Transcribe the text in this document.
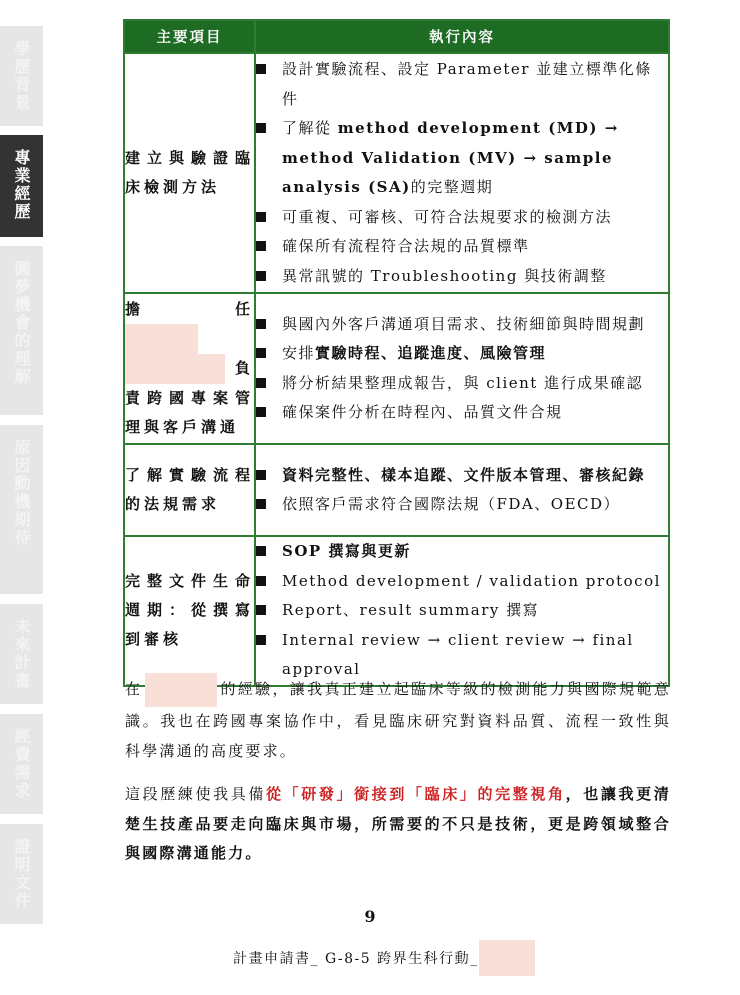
學歷背景
專業經歷
圓夢機會的理解
原因動機期待
未來計畫
經費需求
證明文件
主要項目	執行內容
建立與驗證臨床檢測方法	
設計實驗流程、設定 Parameter 並建立標準化條件
了解從 method development (MD) → method Validation (MV) → sample analysis (SA)的完整週期
可重複、可審核、可符合法規要求的檢測方法
確保所有流程符合法規的品質標準
異常訊號的 Troubleshooting 與技術調整

擔 任
負責跨國專案管理與客戶溝通	
與國內外客戶溝通項目需求、技術細節與時間規劃
安排實驗時程、追蹤進度、風險管理
將分析結果整理成報告，與 client 進行成果確認
確保案件分析在時程內、品質文件合規

了解實驗流程的法規需求	
資料完整性、樣本追蹤、文件版本管理、審核紀錄
依照客戶需求符合國際法規（FDA、OECD）

完整文件生命週期：從撰寫到審核	
SOP 撰寫與更新
Method development / validation protocol
Report、result summary 撰寫
Internal review → client review → final approval

在	的經驗，讓我真正建立起臨床等級的檢測能力與國際規範意識。我也在跨國專案協作中，看見臨床研究對資料品質、流程一致性與科學溝通的高度要求。

這段歷練使我具備從「研發」銜接到「臨床」的完整視角，也讓我更清楚生技產品要走向臨床與市場，所需要的不只是技術，更是跨領域整合與國際溝通能力。

9
計畫申請書_ G-8-5 跨界生科行動_
